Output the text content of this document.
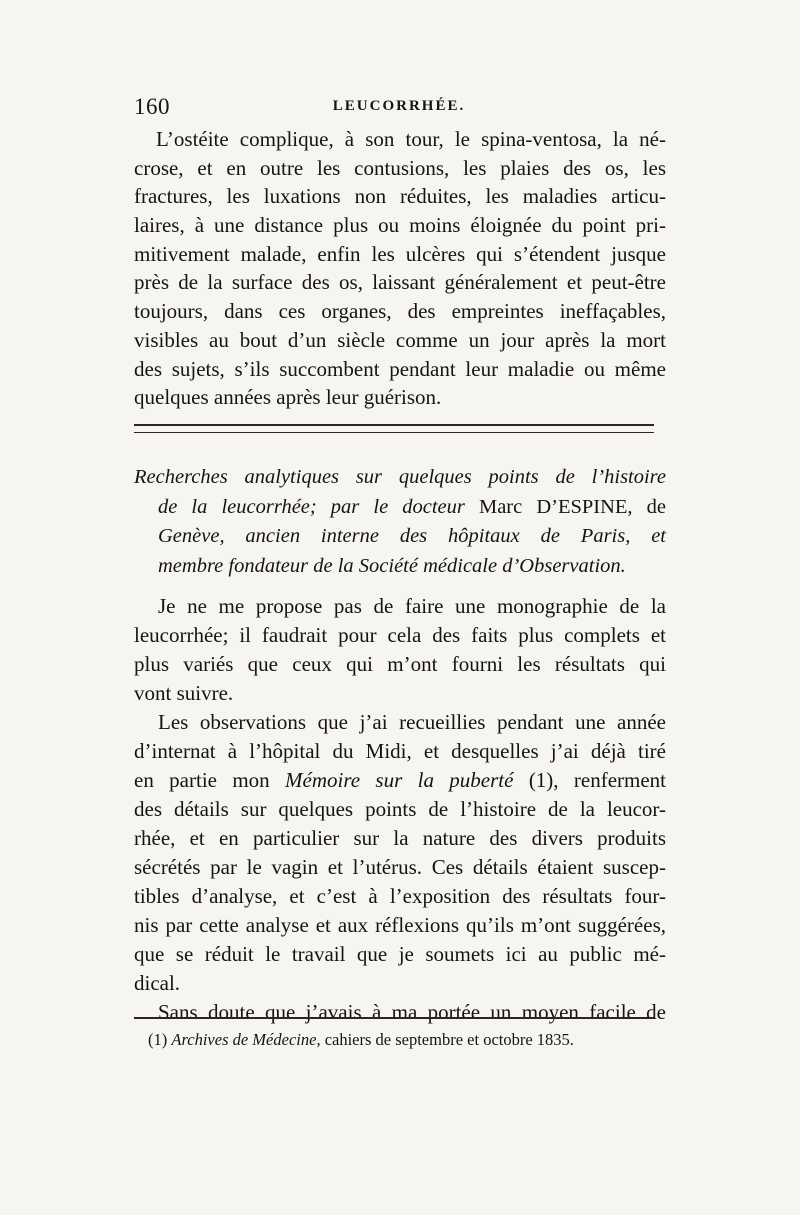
160	LEUCORRHÉE.
L’ostéite complique, à son tour, le spina-ventosa, la né-
crose, et en outre les contusions, les plaies des os, les
fractures, les luxations non réduites, les maladies articu-
laires, à une distance plus ou moins éloignée du point pri-
mitivement malade, enfin les ulcères qui s’étendent jusque
près de la surface des os, laissant généralement et peut-être
toujours, dans ces organes, des empreintes ineffaçables,
visibles au bout d’un siècle comme un jour après la mort
des sujets, s’ils succombent pendant leur maladie ou même
quelques années après leur guérison.
Recherches analytiques sur quelques points de l’histoire
de la leucorrhée; par le docteur Marc D’ESPINE, de
Genève, ancien interne des hôpitaux de Paris, et
membre fondateur de la Société médicale d’Observation.
Je ne me propose pas de faire une monographie de la
leucorrhée; il faudrait pour cela des faits plus complets et
plus variés que ceux qui m’ont fourni les résultats qui
vont suivre.
Les observations que j’ai recueillies pendant une année
d’internat à l’hôpital du Midi, et desquelles j’ai déjà tiré
en partie mon Mémoire sur la puberté (1), renferment
des détails sur quelques points de l’histoire de la leucor-
rhée, et en particulier sur la nature des divers produits
sécrétés par le vagin et l’utérus. Ces détails étaient suscep-
tibles d’analyse, et c’est à l’exposition des résultats four-
nis par cette analyse et aux réflexions qu’ils m’ont suggérées,
que se réduit le travail que je soumets ici au public mé-
dical.
Sans doute que j’avais à ma portée un moyen facile de
(1) Archives de Médecine, cahiers de septembre et octobre 1835.
